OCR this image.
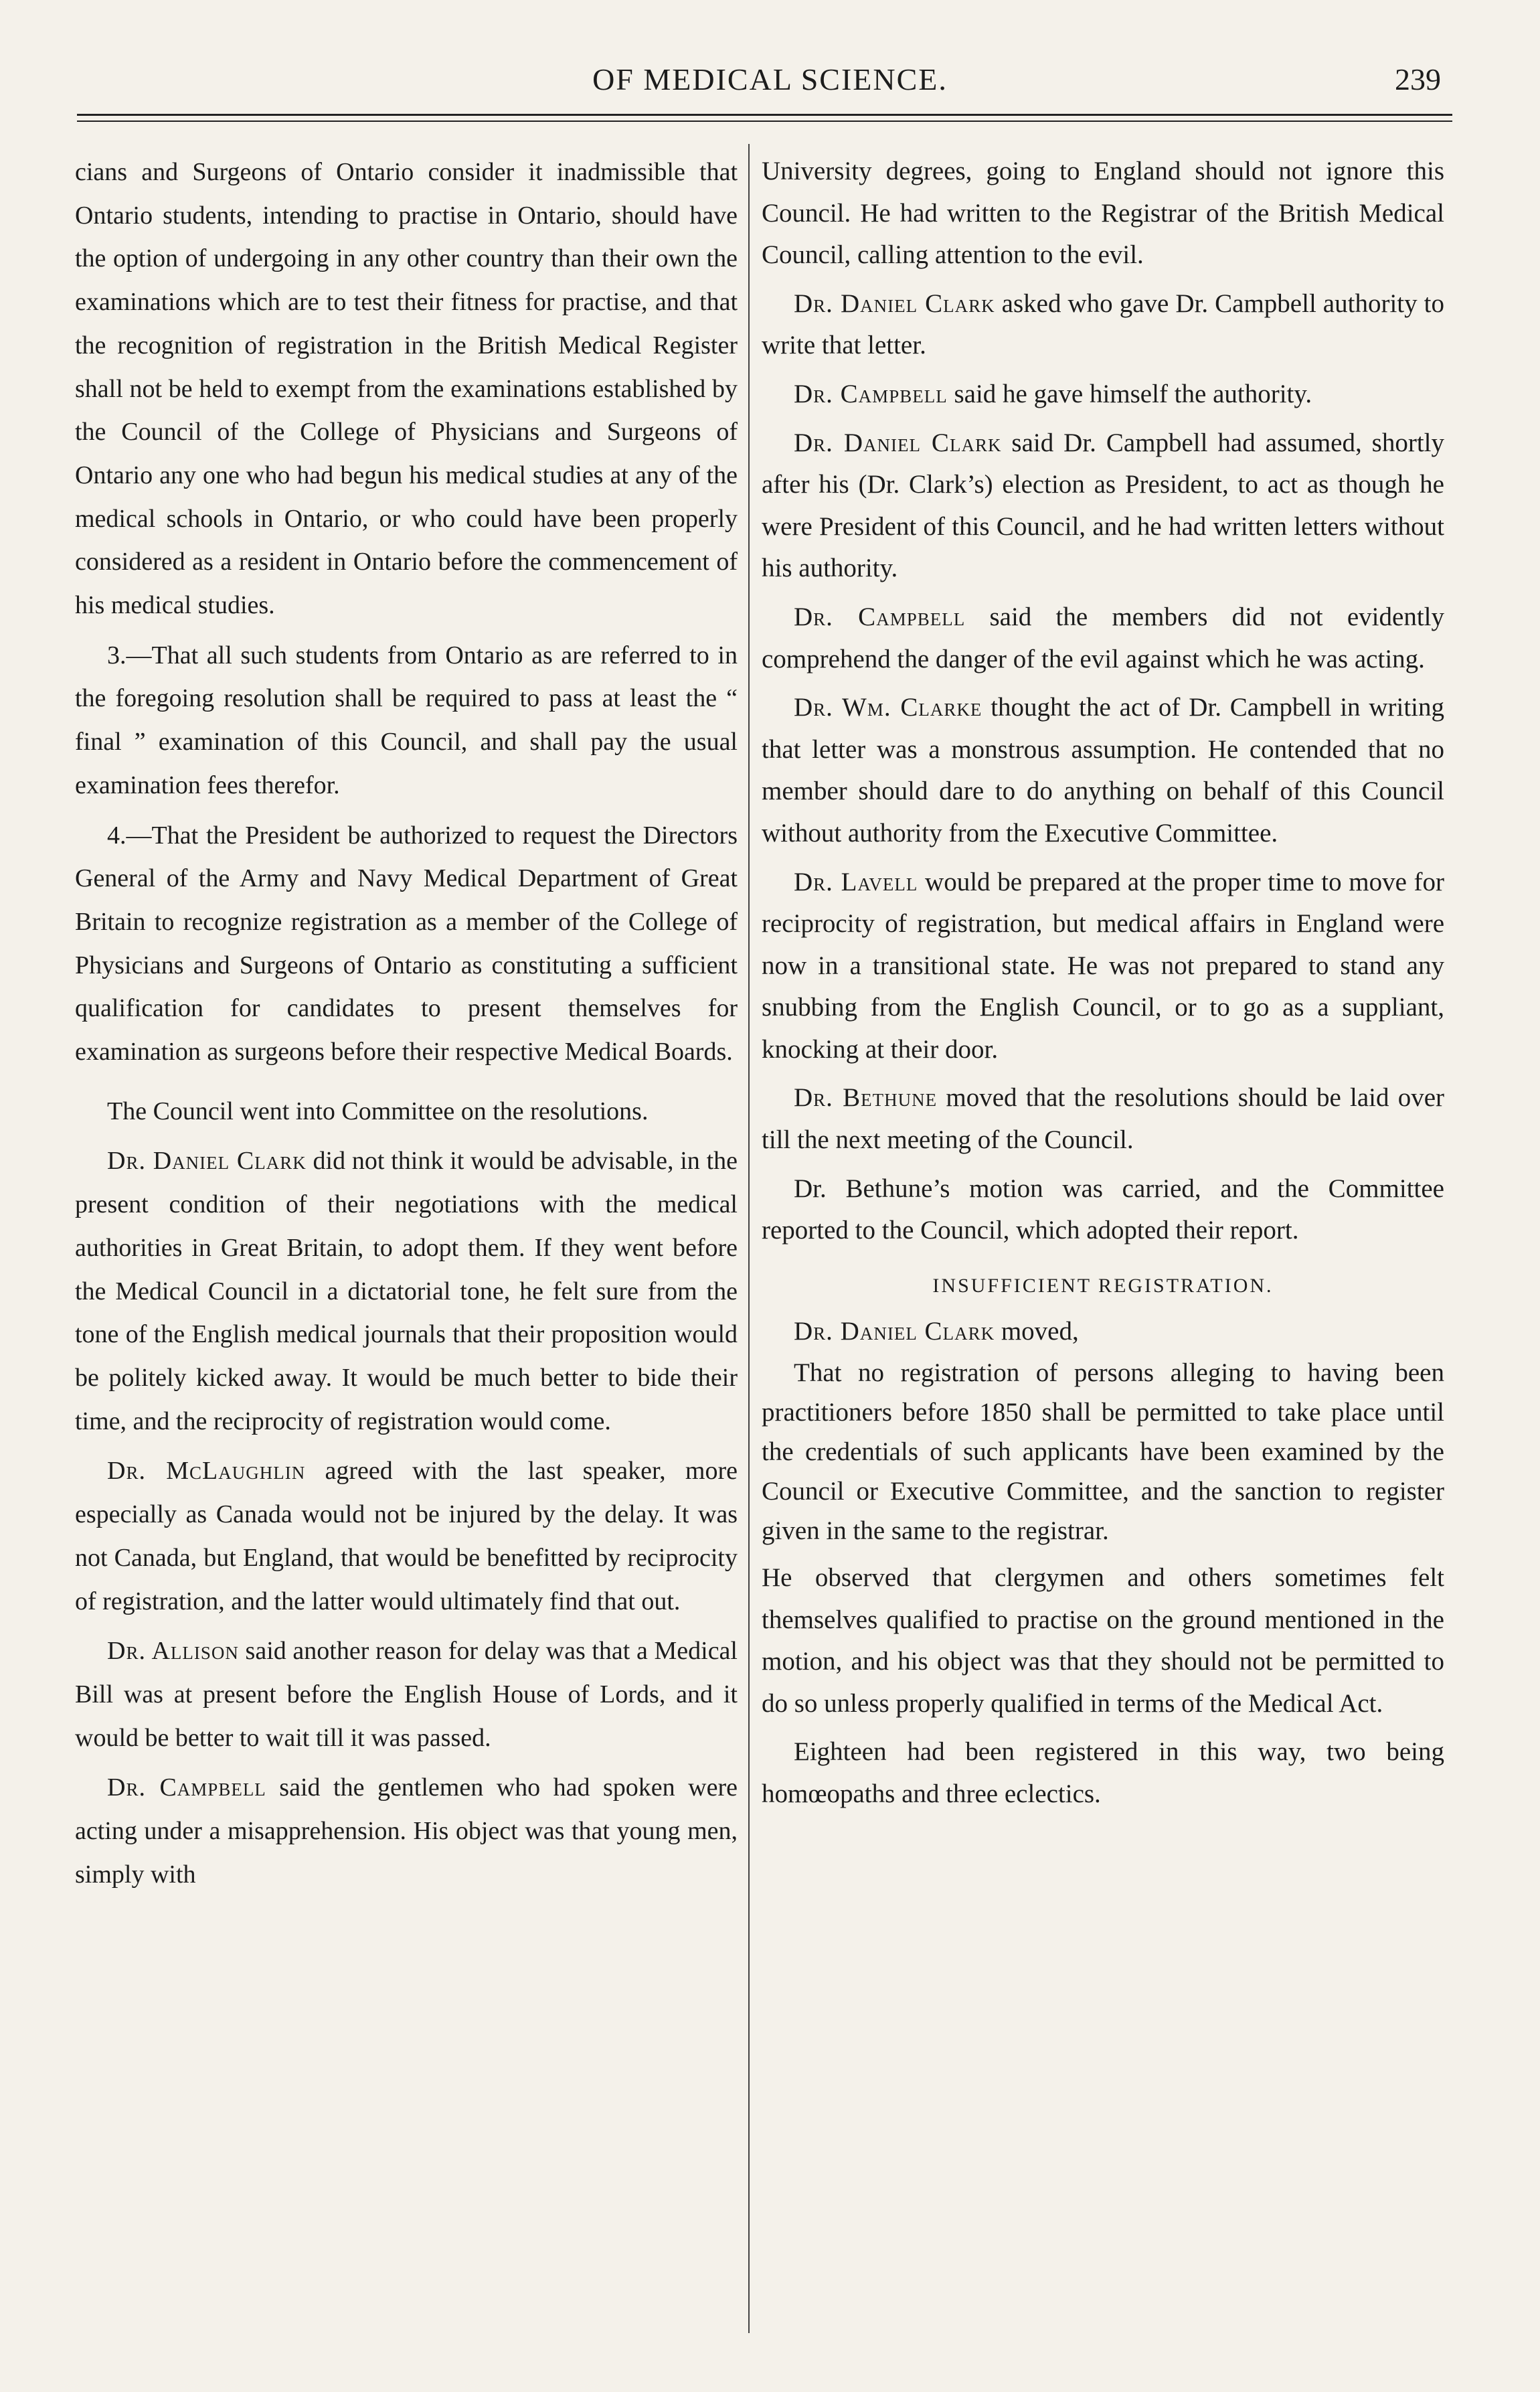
OF MEDICAL SCIENCE.	239

cians and Surgeons of Ontario consider it inadmissible that Ontario students, intending to practise in Ontario, should have the option of undergoing in any other country than their own the examinations which are to test their fitness for practise, and that the recognition of registration in the British Medical Register shall not be held to exempt from the examinations established by the Council of the College of Physicians and Surgeons of Ontario any one who had begun his medical studies at any of the medical schools in Ontario, or who could have been properly considered as a resident in Ontario before the commencement of his medical studies.

3.—That all such students from Ontario as are referred to in the foregoing resolution shall be required to pass at least the “ final ” examination of this Council, and shall pay the usual examination fees therefor.

4.—That the President be authorized to request the Directors General of the Army and Navy Medical Department of Great Britain to recognize registration as a member of the College of Physicians and Surgeons of Ontario as constituting a sufficient qualification for candidates to present themselves for examination as surgeons before their respective Medical Boards.

The Council went into Committee on the resolutions.

Dr. Daniel Clark did not think it would be advisable, in the present condition of their negotiations with the medical authorities in Great Britain, to adopt them. If they went before the Medical Council in a dictatorial tone, he felt sure from the tone of the English medical journals that their proposition would be politely kicked away. It would be much better to bide their time, and the reciprocity of registration would come.

Dr. McLaughlin agreed with the last speaker, more especially as Canada would not be injured by the delay. It was not Canada, but England, that would be benefitted by reciprocity of registration, and the latter would ultimately find that out.

Dr. Allison said another reason for delay was that a Medical Bill was at present before the English House of Lords, and it would be better to wait till it was passed.

Dr. Campbell said the gentlemen who had spoken were acting under a misapprehension. His object was that young men, simply with

University degrees, going to England should not ignore this Council. He had written to the Registrar of the British Medical Council, calling attention to the evil.

Dr. Daniel Clark asked who gave Dr. Campbell authority to write that letter.

Dr. Campbell said he gave himself the authority.

Dr. Daniel Clark said Dr. Campbell had assumed, shortly after his (Dr. Clark’s) election as President, to act as though he were President of this Council, and he had written letters without his authority.

Dr. Campbell said the members did not evidently comprehend the danger of the evil against which he was acting.

Dr. Wm. Clarke thought the act of Dr. Campbell in writing that letter was a monstrous assumption. He contended that no member should dare to do anything on behalf of this Council without authority from the Executive Committee.

Dr. Lavell would be prepared at the proper time to move for reciprocity of registration, but medical affairs in England were now in a transitional state. He was not prepared to stand any snubbing from the English Council, or to go as a suppliant, knocking at their door.

Dr. Bethune moved that the resolutions should be laid over till the next meeting of the Council.

Dr. Bethune’s motion was carried, and the Committee reported to the Council, which adopted their report.

INSUFFICIENT REGISTRATION.

Dr. Daniel Clark moved,

That no registration of persons alleging to having been practitioners before 1850 shall be permitted to take place until the credentials of such applicants have been examined by the Council or Executive Committee, and the sanction to register given in the same to the registrar.

He observed that clergymen and others sometimes felt themselves qualified to practise on the ground mentioned in the motion, and his object was that they should not be permitted to do so unless properly qualified in terms of the Medical Act.

Eighteen had been registered in this way, two being homœopaths and three eclectics.
